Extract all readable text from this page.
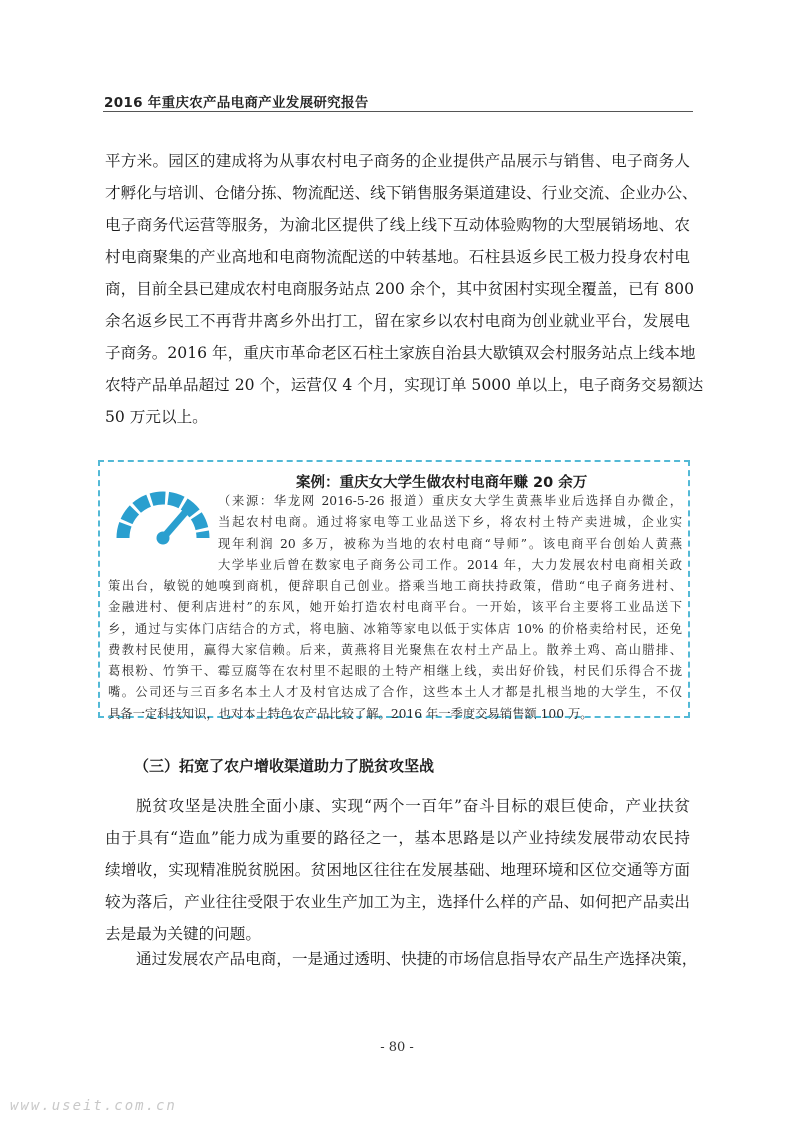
2016 年重庆农产品电商产业发展研究报告
平方米。园区的建成将为从事农村电子商务的企业提供产品展示与销售、电子商务人
才孵化与培训、仓储分拣、物流配送、线下销售服务渠道建设、行业交流、企业办公、
电子商务代运营等服务，为渝北区提供了线上线下互动体验购物的大型展销场地、农
村电商聚集的产业高地和电商物流配送的中转基地。石柱县返乡民工极力投身农村电
商，目前全县已建成农村电商服务站点 200 余个，其中贫困村实现全覆盖，已有 800
余名返乡民工不再背井离乡外出打工，留在家乡以农村电商为创业就业平台，发展电
子商务。2016 年，重庆市革命老区石柱土家族自治县大歇镇双会村服务站点上线本地
农特产品单品超过 20 个，运营仅 4 个月，实现订单 5000 单以上，电子商务交易额达
50 万元以上。
案例：重庆女大学生做农村电商年赚 20 余万
（来源：华龙网 2016-5-26 报道）重庆女大学生黄燕毕业后选择自办微企，
当起农村电商。通过将家电等工业品送下乡，将农村土特产卖进城，企业实
现年利润 20 多万，被称为当地的农村电商“导师”。该电商平台创始人黄燕
大学毕业后曾在数家电子商务公司工作。2014 年，大力发展农村电商相关政
策出台，敏锐的她嗅到商机，便辞职自己创业。搭乘当地工商扶持政策，借助“电子商务进村、
金融进村、便利店进村”的东风，她开始打造农村电商平台。一开始，该平台主要将工业品送下
乡，通过与实体门店结合的方式，将电脑、冰箱等家电以低于实体店 10% 的价格卖给村民，还免
费教村民使用，赢得大家信赖。后来，黄燕将目光聚焦在农村土产品上。散养土鸡、高山腊排、
葛根粉、竹笋干、霉豆腐等在农村里不起眼的土特产相继上线，卖出好价钱，村民们乐得合不拢
嘴。公司还与三百多名本土人才及村官达成了合作，这些本土人才都是扎根当地的大学生，不仅
具备一定科技知识，也对本土特色农产品比较了解。2016 年一季度交易销售额 100 万。
（三）拓宽了农户增收渠道助力了脱贫攻坚战
脱贫攻坚是决胜全面小康、实现“两个一百年”奋斗目标的艰巨使命，产业扶贫
由于具有“造血”能力成为重要的路径之一，基本思路是以产业持续发展带动农民持
续增收，实现精准脱贫脱困。贫困地区往往在发展基础、地理环境和区位交通等方面
较为落后，产业往往受限于农业生产加工为主，选择什么样的产品、如何把产品卖出
去是最为关键的问题。
通过发展农产品电商，一是通过透明、快捷的市场信息指导农产品生产选择决策，
- 80 -
www.useit.com.cn
